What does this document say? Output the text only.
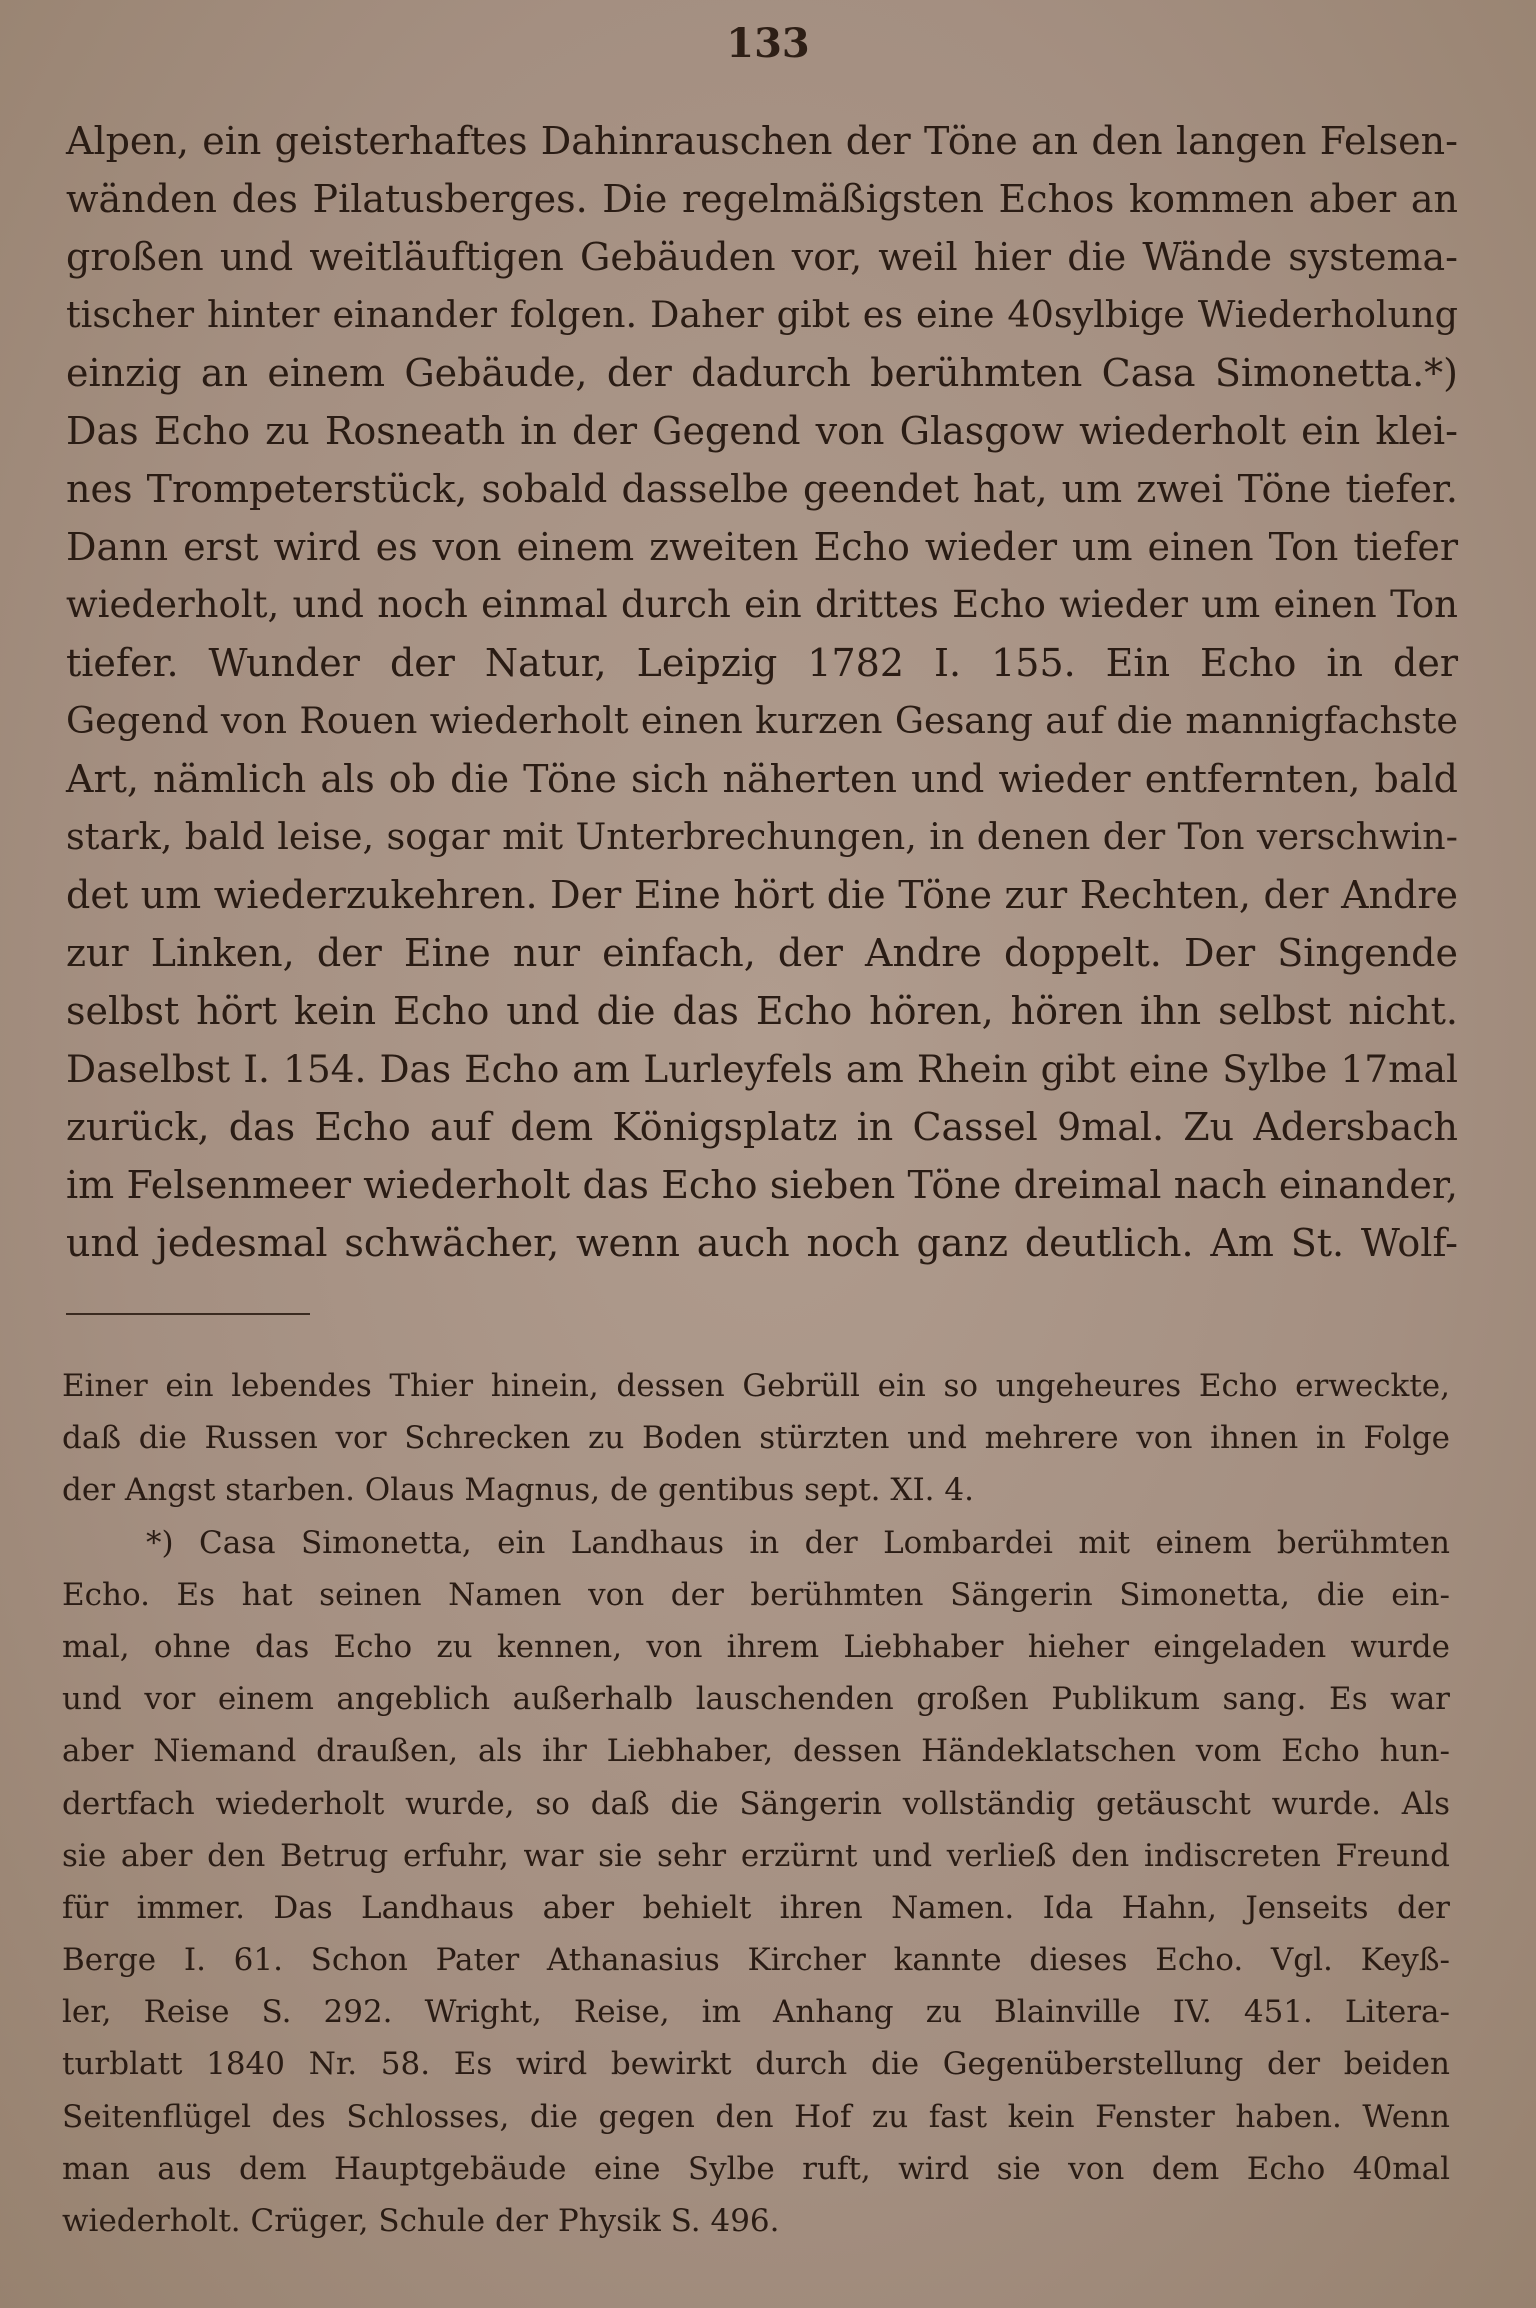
133
Alpen, ein geisterhaftes Dahinrauschen der Töne an den langen Felsen-
wänden des Pilatusberges. Die regelmäßigsten Echos kommen aber an
großen und weitläuftigen Gebäuden vor, weil hier die Wände systema-
tischer hinter einander folgen. Daher gibt es eine 40sylbige Wiederholung
einzig an einem Gebäude, der dadurch berühmten Casa Simonetta.*)
Das Echo zu Rosneath in der Gegend von Glasgow wiederholt ein klei-
nes Trompeterstück, sobald dasselbe geendet hat, um zwei Töne tiefer.
Dann erst wird es von einem zweiten Echo wieder um einen Ton tiefer
wiederholt, und noch einmal durch ein drittes Echo wieder um einen Ton
tiefer. Wunder der Natur, Leipzig 1782 I. 155. Ein Echo in der
Gegend von Rouen wiederholt einen kurzen Gesang auf die mannigfachste
Art, nämlich als ob die Töne sich näherten und wieder entfernten, bald
stark, bald leise, sogar mit Unterbrechungen, in denen der Ton verschwin-
det um wiederzukehren. Der Eine hört die Töne zur Rechten, der Andre
zur Linken, der Eine nur einfach, der Andre doppelt. Der Singende
selbst hört kein Echo und die das Echo hören, hören ihn selbst nicht.
Daselbst I. 154. Das Echo am Lurleyfels am Rhein gibt eine Sylbe 17mal
zurück, das Echo auf dem Königsplatz in Cassel 9mal. Zu Adersbach
im Felsenmeer wiederholt das Echo sieben Töne dreimal nach einander,
und jedesmal schwächer, wenn auch noch ganz deutlich. Am St. Wolf-
Einer ein lebendes Thier hinein, dessen Gebrüll ein so ungeheures Echo erweckte,
daß die Russen vor Schrecken zu Boden stürzten und mehrere von ihnen in Folge
der Angst starben. Olaus Magnus, de gentibus sept. XI. 4.
*) Casa Simonetta, ein Landhaus in der Lombardei mit einem berühmten
Echo. Es hat seinen Namen von der berühmten Sängerin Simonetta, die ein-
mal, ohne das Echo zu kennen, von ihrem Liebhaber hieher eingeladen wurde
und vor einem angeblich außerhalb lauschenden großen Publikum sang. Es war
aber Niemand draußen, als ihr Liebhaber, dessen Händeklatschen vom Echo hun-
dertfach wiederholt wurde, so daß die Sängerin vollständig getäuscht wurde. Als
sie aber den Betrug erfuhr, war sie sehr erzürnt und verließ den indiscreten Freund
für immer. Das Landhaus aber behielt ihren Namen. Ida Hahn, Jenseits der
Berge I. 61. Schon Pater Athanasius Kircher kannte dieses Echo. Vgl. Keyß-
ler, Reise S. 292. Wright, Reise, im Anhang zu Blainville IV. 451. Litera-
turblatt 1840 Nr. 58. Es wird bewirkt durch die Gegenüberstellung der beiden
Seitenflügel des Schlosses, die gegen den Hof zu fast kein Fenster haben. Wenn
man aus dem Hauptgebäude eine Sylbe ruft, wird sie von dem Echo 40mal
wiederholt. Crüger, Schule der Physik S. 496.
